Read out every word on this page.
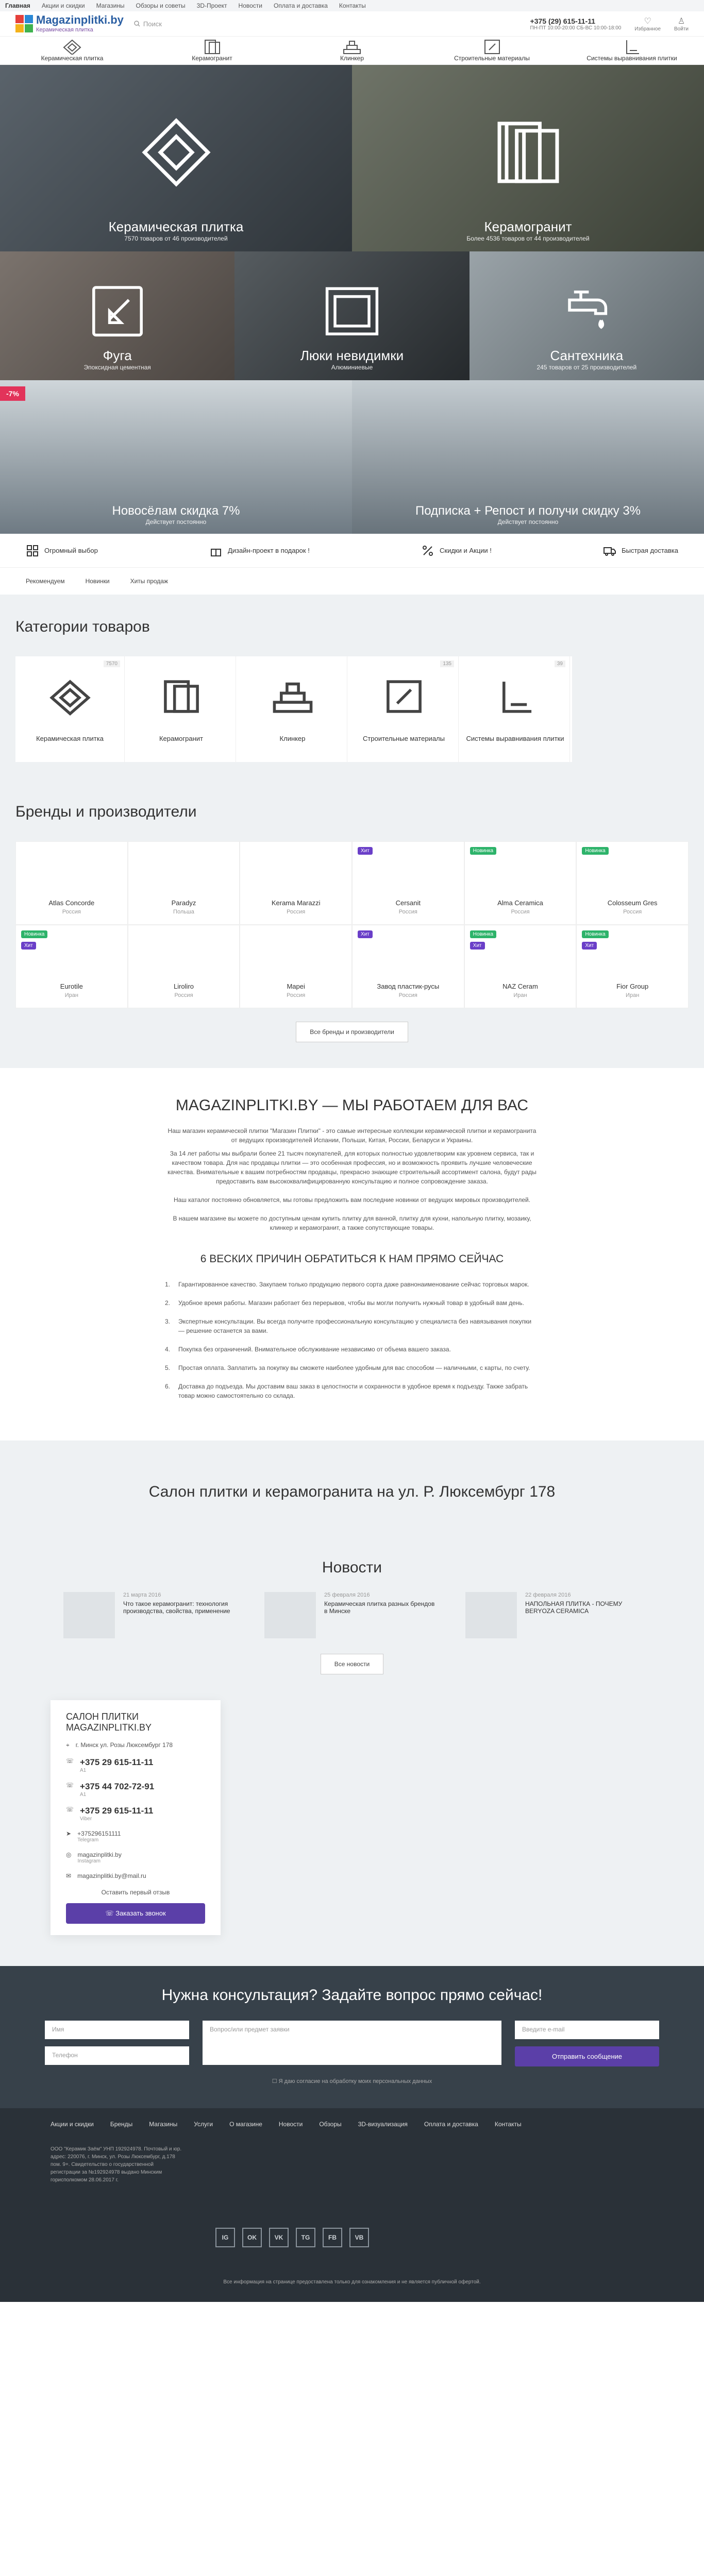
Главная Акции и скидки Магазины Обзоры и советы 3D-Проект Новости Оплата и доставка Контакты
Magazinplitki.by
Керамическая плитка
Поиск	+375 (29) 615-11-11
ПН-ПТ 10:00-20:00 СБ-ВС 10:00-18:00
♡
Избранное
♙
Войти
Керамическая плитка	Керамогранит	Клинкер	Строительные материалы	Системы выравнивания плитки
Керамическая плитка

7570 товаров от 46 производителей

Керамогранит

Более 4536 товаров от 44 производителей

Фуга

Эпоксидная цементная

Люки невидимки

Алюминиевые

Сантехника

245 товаров от 25 производителей

-7%
Новосёлам скидка 7%

Действует постоянно

Подписка + Репост и получи скидку 3%

Действует постоянно

Огромный выбор	Дизайн-проект в подарок !	Скидки и Акции !	Быстрая доставка
Рекомендуем	Новинки	Хиты продаж
Категории товаров
7570
Керамическая плитка	Керамогранит	Клинкер
135
Строительные материалы
39
Системы выравнивания плитки
Бренды и производители
Atlas Concorde
Россия
Paradyz
Польша
Kerama Marazzi
Россия
Хит
Cersanit
Россия
Новинка
Alma Ceramica
Россия
Новинка
Colosseum Gres
Россия
Новинка
Хит
Eurotile
Иран
Liroliro
Россия
Mapei
Россия
Хит
Завод пластик-русы
Россия
Новинка
Хит
NAZ Ceram
Иран
Новинка
Хит
Fior Group
Иран
Все бренды и производители
MAGAZINPLITKI.BY — МЫ РАБОТАЕМ ДЛЯ ВАС

Наш магазин керамической плитки "Магазин Плитки" - это самые интересные коллекции керамической плитки и керамогранита от ведущих производителей Испании, Польши, Китая, России, Беларуси и Украины.

За 14 лет работы мы выбрали более 21 тысяч покупателей, для которых полностью удовлетворим как уровнем сервиса, так и качеством товара. Для нас продавцы плитки — это особенная профессия, но и возможность проявить лучшие человеческие качества. Внимательные к вашим потребностям продавцы, прекрасно знающие строительный ассортимент салона, будут рады предоставить вам высококвалифицированную консультацию и полное сопровождение заказа.

Наш каталог постоянно обновляется, мы готовы предложить вам последние новинки от ведущих мировых производителей.

В нашем магазине вы можете по доступным ценам купить плитку для ванной, плитку для кухни, напольную плитку, мозаику, клинкер и керамогранит, а также сопутствующие товары.

6 ВЕСКИХ ПРИЧИН ОБРАТИТЬСЯ К НАМ ПРЯМО СЕЙЧАС
1. Гарантированное качество. Закупаем только продукцию первого сорта даже равнонаименование сейчас торговых марок.
2. Удобное время работы. Магазин работает без перерывов, чтобы вы могли получить нужный товар в удобный вам день.
3. Экспертные консультации. Вы всегда получите профессиональную консультацию у специалиста без навязывания покупки — решение останется за вами.
4. Покупка без ограничений. Внимательное обслуживание независимо от объема вашего заказа.
5. Простая оплата. Заплатить за покупку вы сможете наиболее удобным для вас способом — наличными, с карты, по счету.
6. Доставка до подъезда. Мы доставим ваш заказ в целостности и сохранности в удобное время к подъезду. Также забрать товар можно самостоятельно со склада.
Салон плитки и керамогранита на ул. Р. Люксембург 178
Новости
21 марта 2016
Что такое керамогранит: технология производства, свойства, применение
25 февраля 2016
Керамическая плитка разных брендов в Минске
22 февраля 2016
НАПОЛЬНАЯ ПЛИТКА - ПОЧЕМУ BERYOZA CERAMICA
Все новости
САЛОН ПЛИТКИ MAGAZINPLITKI.BY
⌖ г. Минск ул. Розы Люксембург 178
☏ +375 29 615-11-11
A1
☏ +375 44 702-72-91
A1
☏ +375 29 615-11-11
Viber
➤ +375296151111
Telegram
◎ magazinplitki.by
Instagram
✉ magazinplitki.by@mail.ru
Оставить первый отзыв
☏ Заказать звонок
Нужна консультация? Задайте вопрос прямо сейчас!
Имя
Телефон
Вопрос/или предмет заявки	Введите e-mail
Отправить сообщение
☐ Я даю согласие на обработку моих персональных данных
Акции и скидки	Бренды	Магазины	Услуги	О магазине	Новости	Обзоры	3D-визуализация	Оплата и доставка	Контакты
ООО "Керамик Заём" УНП 192924978. Почтовый и юр. адрес: 220076, г. Минск, ул. Розы Люксембург, д.178 пом. 9+. Свидетельство о государственной регистрации за №192924978 выдано Минским горисполкомом 28.06.2017 г.
IG	OK	VK	TG	FB	VB
Все информация на странице предоставлена только для ознакомления и не является публичной офертой.
